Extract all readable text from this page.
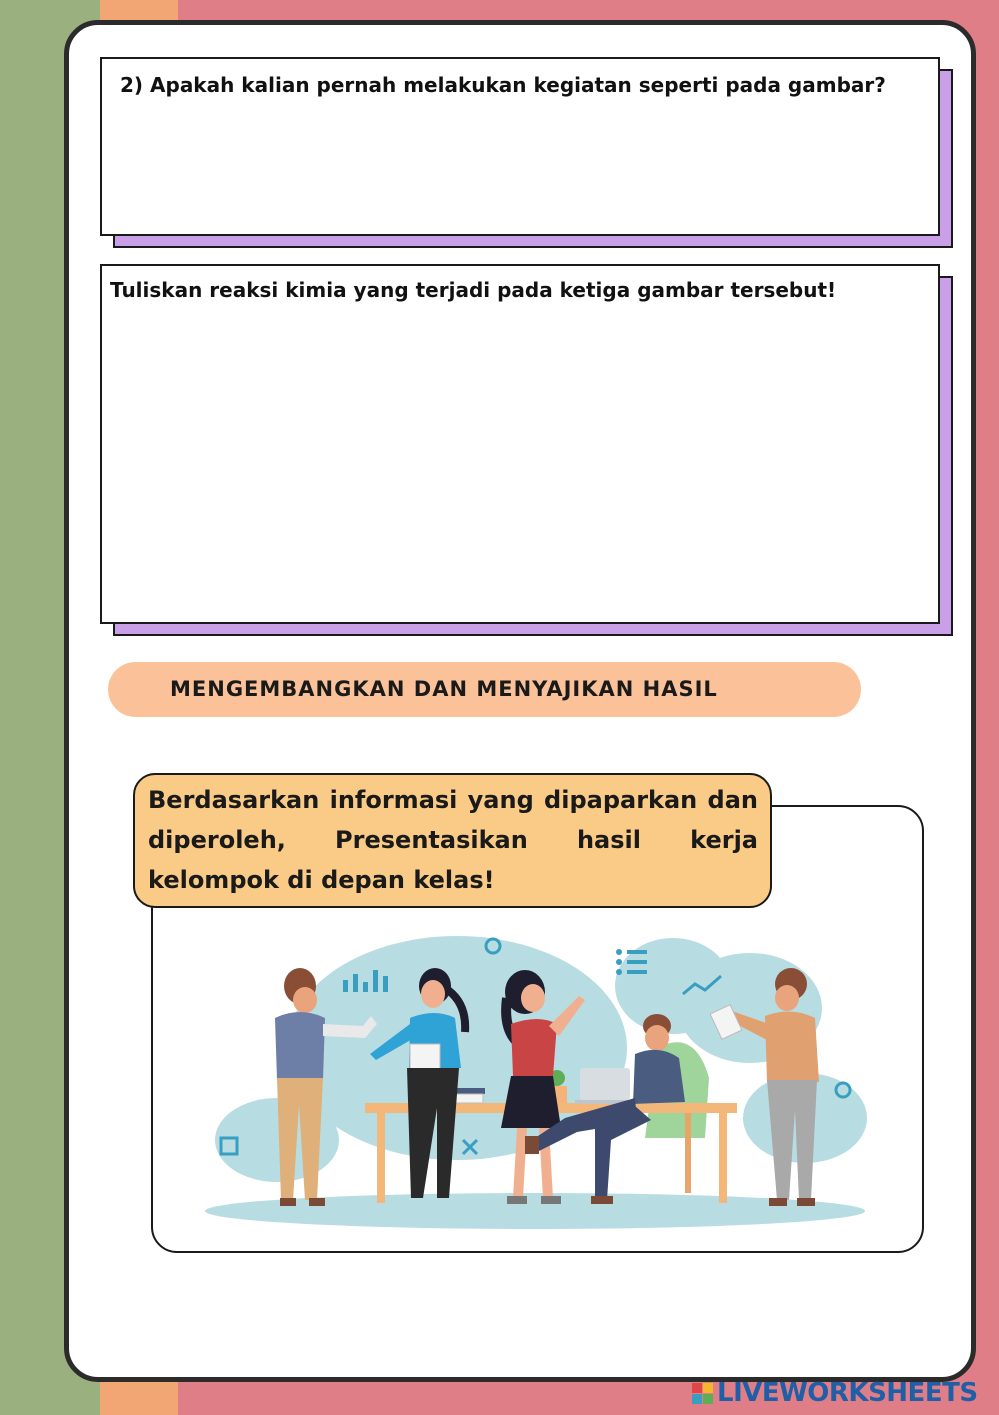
2) Apakah kalian pernah melakukan kegiatan seperti pada gambar?
Tuliskan reaksi kimia yang terjadi pada ketiga gambar tersebut!
MENGEMBANGKAN DAN MENYAJIKAN HASIL
Berdasarkan informasi yang dipaparkan dan diperoleh, Presentasikan hasil kerja kelompok di depan kelas!
LIVEWORKSHEETS
